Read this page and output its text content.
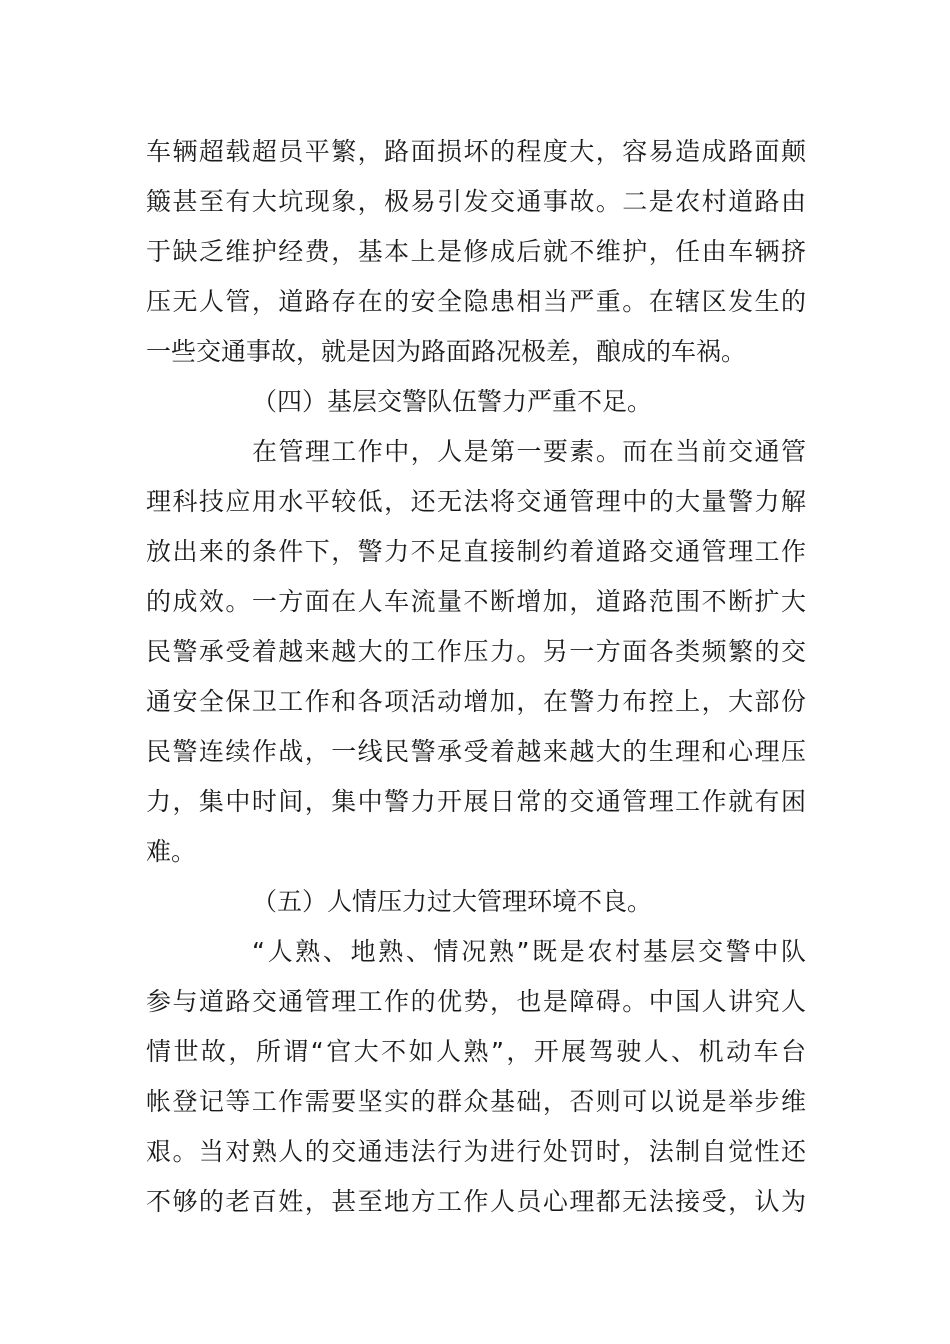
车辆超载超员平繁，路面损坏的程度大，容易造成路面颠
簸甚至有大坑现象，极易引发交通事故。二是农村道路由
于缺乏维护经费，基本上是修成后就不维护，任由车辆挤
压无人管，道路存在的安全隐患相当严重。在辖区发生的
一些交通事故，就是因为路面路况极差，酿成的车祸。
（四）基层交警队伍警力严重不足。
在管理工作中，人是第一要素。而在当前交通管
理科技应用水平较低，还无法将交通管理中的大量警力解
放出来的条件下，警力不足直接制约着道路交通管理工作
的成效。一方面在人车流量不断增加，道路范围不断扩大
民警承受着越来越大的工作压力。另一方面各类频繁的交
通安全保卫工作和各项活动增加，在警力布控上，大部份
民警连续作战，一线民警承受着越来越大的生理和心理压
力，集中时间，集中警力开展日常的交通管理工作就有困
难。
（五）人情压力过大管理环境不良。
“人熟、地熟、情况熟”既是农村基层交警中队
参与道路交通管理工作的优势，也是障碍。中国人讲究人
情世故，所谓“官大不如人熟”，开展驾驶人、机动车台
帐登记等工作需要坚实的群众基础，否则可以说是举步维
艰。当对熟人的交通违法行为进行处罚时，法制自觉性还
不够的老百姓，甚至地方工作人员心理都无法接受，认为
